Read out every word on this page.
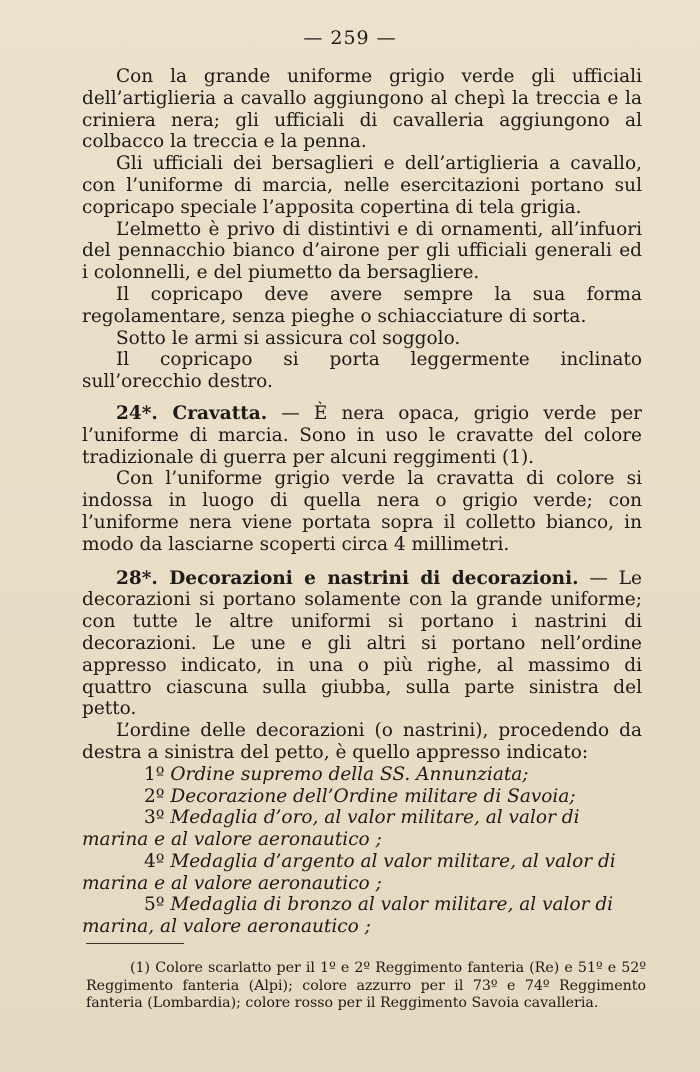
— 259 —

Con la grande uniforme grigio verde gli ufficiali dell’artiglieria a cavallo aggiungono al chepì la treccia e la criniera nera; gli ufficiali di cavalleria aggiungono al colbacco la treccia e la penna.

Gli ufficiali dei bersaglieri e dell’artiglieria a cavallo, con l’uniforme di marcia, nelle esercitazioni portano sul copricapo speciale l’apposita copertina di tela grigia.

L’elmetto è privo di distintivi e di ornamenti, all’infuori del pennacchio bianco d’airone per gli ufficiali generali ed i colonnelli, e del piumetto da bersagliere.

Il copricapo deve avere sempre la sua forma regolamentare, senza pieghe o schiacciature di sorta.

Sotto le armi si assicura col soggolo.

Il copricapo si porta leggermente inclinato sull’orecchio destro.

24*. Cravatta. — È nera opaca, grigio verde per l’uniforme di marcia. Sono in uso le cravatte del colore tradizionale di guerra per alcuni reggimenti (1).

Con l’uniforme grigio verde la cravatta di colore si indossa in luogo di quella nera o grigio verde; con l’uniforme nera viene portata sopra il colletto bianco, in modo da lasciarne scoperti circa 4 millimetri.

28*. Decorazioni e nastrini di decorazioni. — Le decorazioni si portano solamente con la grande uniforme; con tutte le altre uniformi si portano i nastrini di decorazioni. Le une e gli altri si portano nell’ordine appresso indicato, in una o più righe, al massimo di quattro ciascuna sulla giubba, sulla parte sinistra del petto.

L’ordine delle decorazioni (o nastrini), procedendo da destra a sinistra del petto, è quello appresso indicato:

1º Ordine supremo della SS. Annunziata;

2º Decorazione dell’Ordine militare di Savoia;

3º Medaglia d’oro, al valor militare, al valor di marina e al valore aeronautico ;

4º Medaglia d’argento al valor militare, al valor di marina e al valore aeronautico ;

5º Medaglia di bronzo al valor militare, al valor di marina, al valore aeronautico ;

(1) Colore scarlatto per il 1º e 2º Reggimento fanteria (Re) e 51º e 52º Reggimento fanteria (Alpi); colore azzurro per il 73º e 74º Reggimento fanteria (Lombardia); colore rosso per il Reggimento Savoia cavalleria.
